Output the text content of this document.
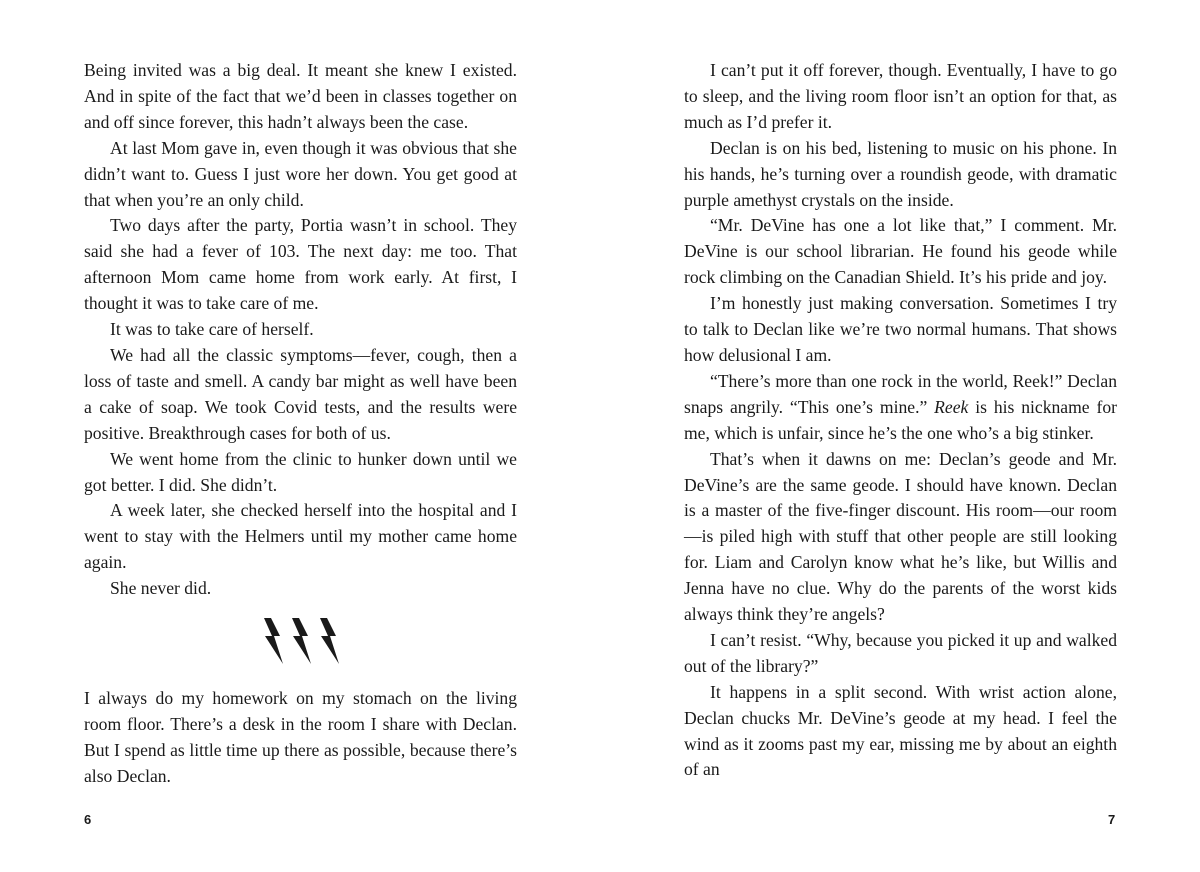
Being invited was a big deal. It meant she knew I existed. And in spite of the fact that we’d been in classes together on and off since forever, this hadn’t always been the case.

At last Mom gave in, even though it was obvious that she didn’t want to. Guess I just wore her down. You get good at that when you’re an only child.

Two days after the party, Portia wasn’t in school. They said she had a fever of 103. The next day: me too. That afternoon Mom came home from work early. At first, I thought it was to take care of me.

It was to take care of herself.

We had all the classic symptoms—fever, cough, then a loss of taste and smell. A candy bar might as well have been a cake of soap. We took Covid tests, and the results were positive. Breakthrough cases for both of us.

We went home from the clinic to hunker down until we got better. I did. She didn’t.

A week later, she checked herself into the hospital and I went to stay with the Helmers until my mother came home again.

She never did.

I always do my homework on my stomach on the living room floor. There’s a desk in the room I share with Declan. But I spend as little time up there as possible, because there’s also Declan.

I can’t put it off forever, though. Eventually, I have to go to sleep, and the living room floor isn’t an option for that, as much as I’d prefer it.

Declan is on his bed, listening to music on his phone. In his hands, he’s turning over a roundish geode, with dramatic purple amethyst crystals on the inside.

“Mr. DeVine has one a lot like that,” I comment. Mr. DeVine is our school librarian. He found his geode while rock climbing on the Canadian Shield. It’s his pride and joy.

I’m honestly just making conversation. Sometimes I try to talk to Declan like we’re two normal humans. That shows how delusional I am.

“There’s more than one rock in the world, Reek!” Declan snaps angrily. “This one’s mine.” Reek is his nickname for me, which is unfair, since he’s the one who’s a big stinker.

That’s when it dawns on me: Declan’s geode and Mr. DeVine’s are the same geode. I should have known. Declan is a master of the five-finger discount. His room—our room—is piled high with stuff that other people are still looking for. Liam and Carolyn know what he’s like, but Willis and Jenna have no clue. Why do the parents of the worst kids always think they’re angels?

I can’t resist. “Why, because you picked it up and walked out of the library?”

It happens in a split second. With wrist action alone, Declan chucks Mr. DeVine’s geode at my head. I feel the wind as it zooms past my ear, missing me by about an eighth of an

6	7
